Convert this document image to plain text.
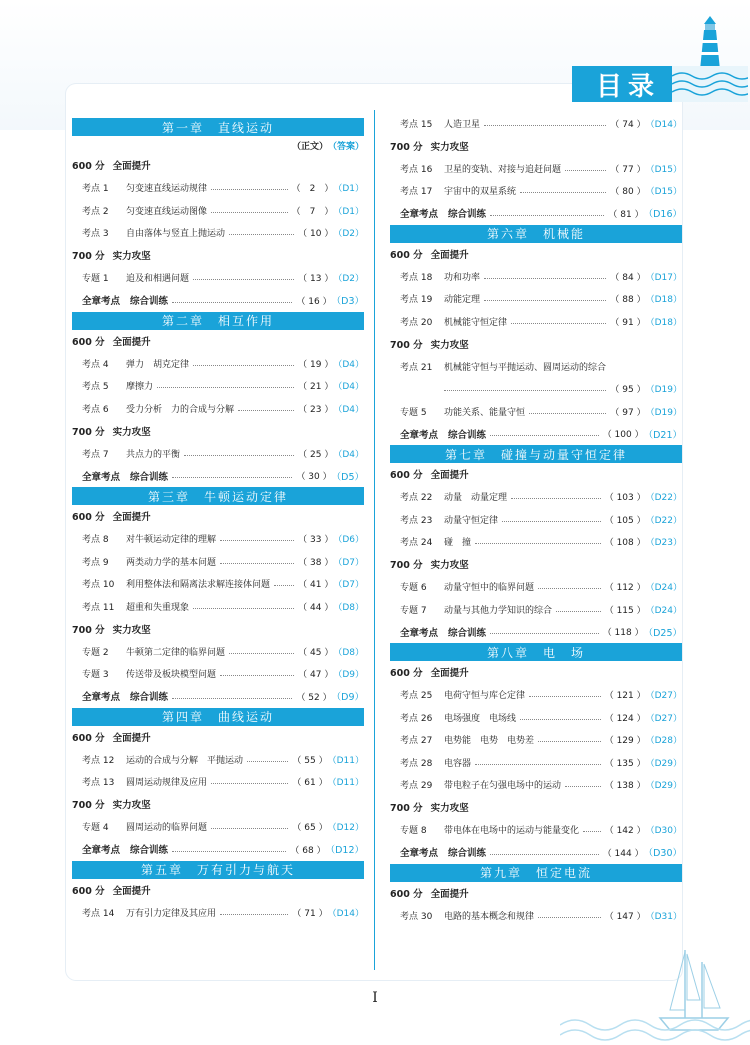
目录
第一章　直线运动
（正文） （答案）
600 分 全面提升
考点 1	匀变速直线运动规律	（　2　） （D1）
考点 2	匀变速直线运动图像	（　7　） （D1）
考点 3	自由落体与竖直上抛运动	（ 10 ） （D2）
700 分 实力攻坚
专题 1	追及和相遇问题	（ 13 ） （D2）
全章考点 综合训练	（ 16 ） （D3）
第二章　相互作用
600 分 全面提升
考点 4	弹力　胡克定律	（ 19 ） （D4）
考点 5	摩擦力	（ 21 ） （D4）
考点 6	受力分析　力的合成与分解	（ 23 ） （D4）
700 分 实力攻坚
考点 7	共点力的平衡	（ 25 ） （D4）
全章考点 综合训练	（ 30 ） （D5）
第三章　牛顿运动定律
600 分 全面提升
考点 8	对牛顿运动定律的理解	（ 33 ） （D6）
考点 9	两类动力学的基本问题	（ 38 ） （D7）
考点 10	利用整体法和隔离法求解连接体问题	（ 41 ） （D7）
考点 11	超重和失重现象	（ 44 ） （D8）
700 分 实力攻坚
专题 2	牛顿第二定律的临界问题	（ 45 ） （D8）
专题 3	传送带及板块模型问题	（ 47 ） （D9）
全章考点 综合训练	（ 52 ） （D9）
第四章　曲线运动
600 分 全面提升
考点 12	运动的合成与分解　平抛运动	（ 55 ） （D11）
考点 13	圆周运动规律及应用	（ 61 ） （D11）
700 分 实力攻坚
专题 4	圆周运动的临界问题	（ 65 ） （D12）
全章考点 综合训练	（ 68 ） （D12）
第五章　万有引力与航天
600 分 全面提升
考点 14	万有引力定律及其应用	（ 71 ） （D14）
考点 15	人造卫星	（ 74 ） （D14）
700 分 实力攻坚
考点 16	卫星的变轨、对接与追赶问题	（ 77 ） （D15）
考点 17	宇宙中的双星系统	（ 80 ） （D15）
全章考点 综合训练	（ 81 ） （D16）
第六章　机械能
600 分 全面提升
考点 18	功和功率	（ 84 ） （D17）
考点 19	动能定理	（ 88 ） （D18）
考点 20	机械能守恒定律	（ 91 ） （D18）
700 分 实力攻坚
考点 21	机械能守恒与平抛运动、圆周运动的综合
（ 95 ） （D19）
专题 5	功能关系、能量守恒	（ 97 ） （D19）
全章考点 综合训练	（ 100 ） （D21）
第七章　碰撞与动量守恒定律
600 分 全面提升
考点 22	动量　动量定理	（ 103 ） （D22）
考点 23	动量守恒定律	（ 105 ） （D22）
考点 24	碰　撞	（ 108 ） （D23）
700 分 实力攻坚
专题 6	动量守恒中的临界问题	（ 112 ） （D24）
专题 7	动量与其他力学知识的综合	（ 115 ） （D24）
全章考点 综合训练	（ 118 ） （D25）
第八章　电　场
600 分 全面提升
考点 25	电荷守恒与库仑定律	（ 121 ） （D27）
考点 26	电场强度　电场线	（ 124 ） （D27）
考点 27	电势能　电势　电势差	（ 129 ） （D28）
考点 28	电容器	（ 135 ） （D29）
考点 29	带电粒子在匀强电场中的运动	（ 138 ） （D29）
700 分 实力攻坚
专题 8	带电体在电场中的运动与能量变化	（ 142 ） （D30）
全章考点 综合训练	（ 144 ） （D30）
第九章　恒定电流
600 分 全面提升
考点 30	电路的基本概念和规律	（ 147 ） （D31）
I
